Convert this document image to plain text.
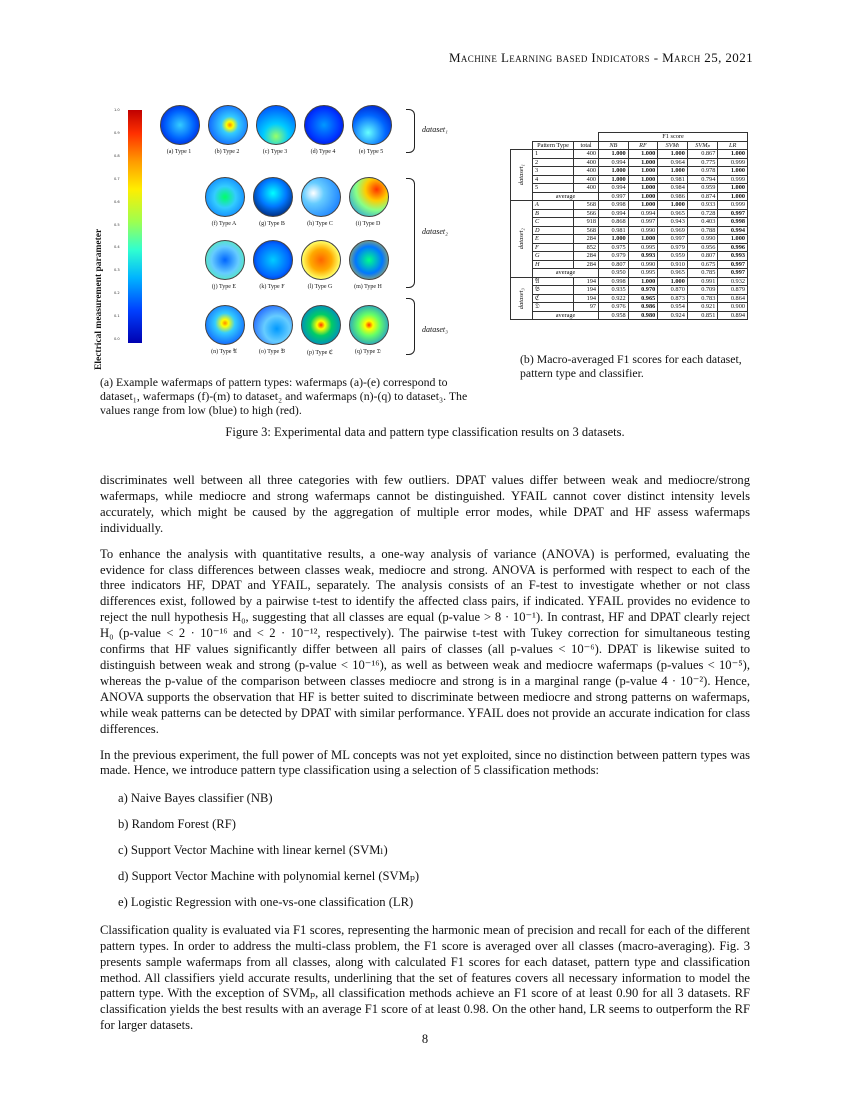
Machine Learning based Indicators - March 25, 2021
Electrical measurement parameter
1.0
0.9
0.8
0.7
0.6
0.5
0.4
0.3
0.2
0.1
0.0
(a) Type 1	(b) Type 2	(c) Type 3	(d) Type 4	(e) Type 5
(f) Type A	(g) Type B	(h) Type C	(i) Type D
(j) Type E	(k) Type F	(l) Type G	(m) Type H
(n) Type 𝔄	(o) Type 𝔅	(p) Type ℭ	(q) Type 𝔇
dataset₁
dataset₂
dataset₃
(a) Example wafermaps of pattern types: wafermaps (a)-(e) correspond to dataset₁, wafermaps (f)-(m) to dataset₂ and wafermaps (n)-(q) to dataset₃. The values range from low (blue) to high (red).
			F1 score				
	Pattern Type	total	NB	RF	SVMₗ	SVMₚ	LR
dataset₁	1	400	1.000	1.000	1.000	0.867	1.000
	2	400	0.994	1.000	0.964	0.775	0.999
	3	400	1.000	1.000	1.000	0.978	1.000
	4	400	1.000	1.000	0.981	0.794	0.999
	5	400	0.994	1.000	0.984	0.959	1.000
	average		0.997	1.000	0.986	0.874	1.000
dataset₂	A	568	0.998	1.000	1.000	0.933	0.999
	B	566	0.994	0.994	0.965	0.728	0.997
	C	918	0.868	0.997	0.943	0.403	0.998
	D	568	0.981	0.990	0.969	0.788	0.994
	E	284	1.000	1.000	0.997	0.990	1.000
	F	852	0.975	0.995	0.979	0.956	0.996
	G	284	0.979	0.993	0.959	0.807	0.993
	H	284	0.807	0.990	0.910	0.675	0.997
	average		0.950	0.995	0.965	0.785	0.997
dataset₃	𝔄	194	0.998	1.000	1.000	0.991	0.932
	𝔅	194	0.935	0.970	0.870	0.709	0.879
	ℭ	194	0.922	0.965	0.873	0.783	0.864
	𝔇	97	0.976	0.986	0.954	0.921	0.900
	average		0.958	0.980	0.924	0.851	0.894
(b) Macro-averaged F1 scores for each dataset, pattern type and classifier.
Figure 3: Experimental data and pattern type classification results on 3 datasets.

discriminates well between all three categories with few outliers. DPAT values differ between weak and mediocre/strong wafermaps, while mediocre and strong wafermaps cannot be distinguished. YFAIL cannot cover distinct intensity levels accurately, which might be caused by the aggregation of multiple error modes, while DPAT and HF assess wafermaps individually.

To enhance the analysis with quantitative results, a one-way analysis of variance (ANOVA) is performed, evaluating the evidence for class differences between classes weak, mediocre and strong. ANOVA is performed with respect to each of the three indicators HF, DPAT and YFAIL, separately. The analysis consists of an F-test to investigate whether or not class differences exist, followed by a pairwise t-test to identify the affected class pairs, if indicated. YFAIL provides no evidence to reject the null hypothesis H₀, suggesting that all classes are equal (p-value > 8 · 10⁻¹). In contrast, HF and DPAT clearly reject H₀ (p-value < 2 · 10⁻¹⁶ and < 2 · 10⁻¹², respectively). The pairwise t-test with Tukey correction for simultaneous testing confirms that HF values significantly differ between all pairs of classes (all p-values < 10⁻⁶). DPAT is likewise suited to distinguish between weak and strong (p-value < 10⁻¹⁶), as well as between weak and mediocre wafermaps (p-values < 10⁻⁵), whereas the p-value of the comparison between classes mediocre and strong is in a marginal range (p-value 4 · 10⁻²). Hence, ANOVA supports the observation that HF is better suited to discriminate between mediocre and strong patterns on wafermaps, while weak patterns can be detected by DPAT with similar performance. YFAIL does not provide an accurate indication for class differences.

In the previous experiment, the full power of ML concepts was not yet exploited, since no distinction between pattern types was made. Hence, we introduce pattern type classification using a selection of 5 classification methods:

a) Naive Bayes classifier (NB)
b) Random Forest (RF)
c) Support Vector Machine with linear kernel (SVMₗ)
d) Support Vector Machine with polynomial kernel (SVMₚ)
e) Logistic Regression with one-vs-one classification (LR)

Classification quality is evaluated via F1 scores, representing the harmonic mean of precision and recall for each of the different pattern types. In order to address the multi-class problem, the F1 score is averaged over all classes (macro-averaging). Fig. 3 presents sample wafermaps from all classes, along with calculated F1 scores for each dataset, pattern type and classification method. All classifiers yield accurate results, underlining that the set of features covers all necessary information to model the pattern type. With the exception of SVMₚ, all classification methods achieve an F1 score of at least 0.90 for all 3 datasets. RF classification yields the best results with an average F1 score of at least 0.98. On the other hand, LR seems to outperform the RF for larger datasets.

8
